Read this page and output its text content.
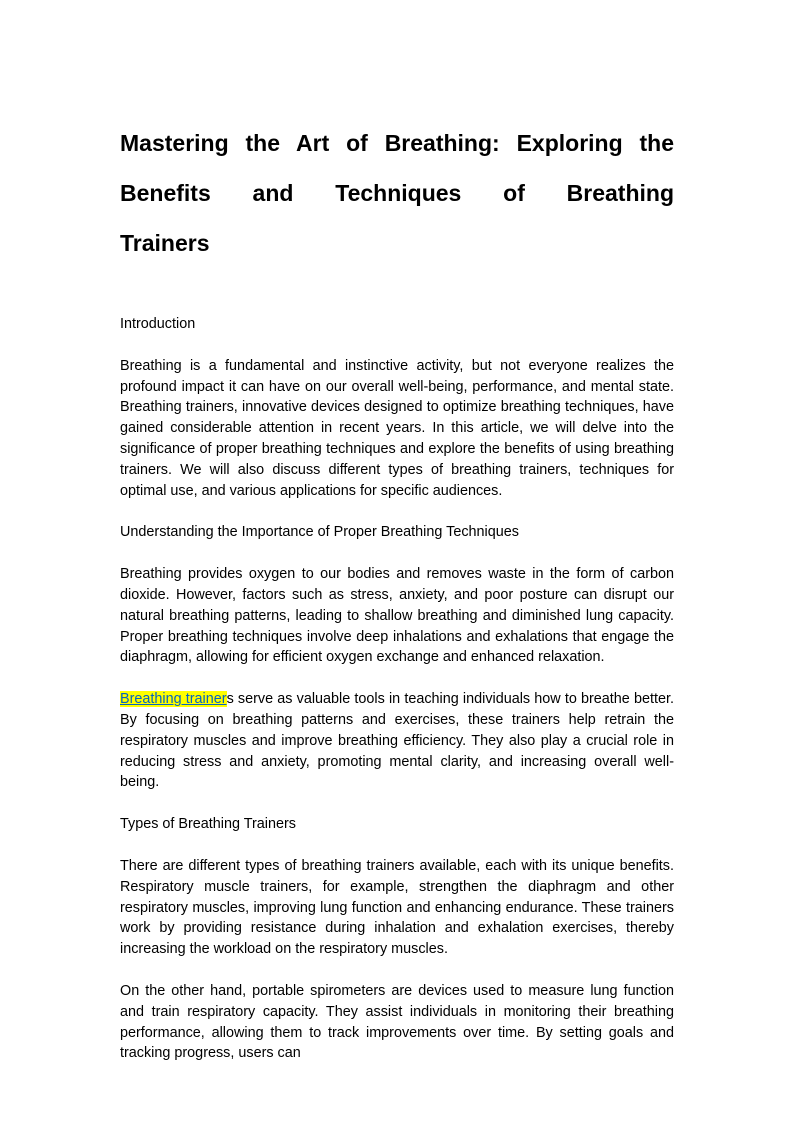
Mastering the Art of Breathing: Exploring the
Benefits and Techniques of Breathing
Trainers

Introduction

Breathing is a fundamental and instinctive activity, but not everyone realizes the profound impact it can have on our overall well-being, performance, and mental state. Breathing trainers, innovative devices designed to optimize breathing techniques, have gained considerable attention in recent years. In this article, we will delve into the significance of proper breathing techniques and explore the benefits of using breathing trainers. We will also discuss different types of breathing trainers, techniques for optimal use, and various applications for specific audiences.

Understanding the Importance of Proper Breathing Techniques

Breathing provides oxygen to our bodies and removes waste in the form of carbon dioxide. However, factors such as stress, anxiety, and poor posture can disrupt our natural breathing patterns, leading to shallow breathing and diminished lung capacity. Proper breathing techniques involve deep inhalations and exhalations that engage the diaphragm, allowing for efficient oxygen exchange and enhanced relaxation.

Breathing trainers serve as valuable tools in teaching individuals how to breathe better. By focusing on breathing patterns and exercises, these trainers help retrain the respiratory muscles and improve breathing efficiency. They also play a crucial role in reducing stress and anxiety, promoting mental clarity, and increasing overall well-being.

Types of Breathing Trainers

There are different types of breathing trainers available, each with its unique benefits. Respiratory muscle trainers, for example, strengthen the diaphragm and other respiratory muscles, improving lung function and enhancing endurance. These trainers work by providing resistance during inhalation and exhalation exercises, thereby increasing the workload on the respiratory muscles.

On the other hand, portable spirometers are devices used to measure lung function and train respiratory capacity. They assist individuals in monitoring their breathing performance, allowing them to track improvements over time. By setting goals and tracking progress, users can
